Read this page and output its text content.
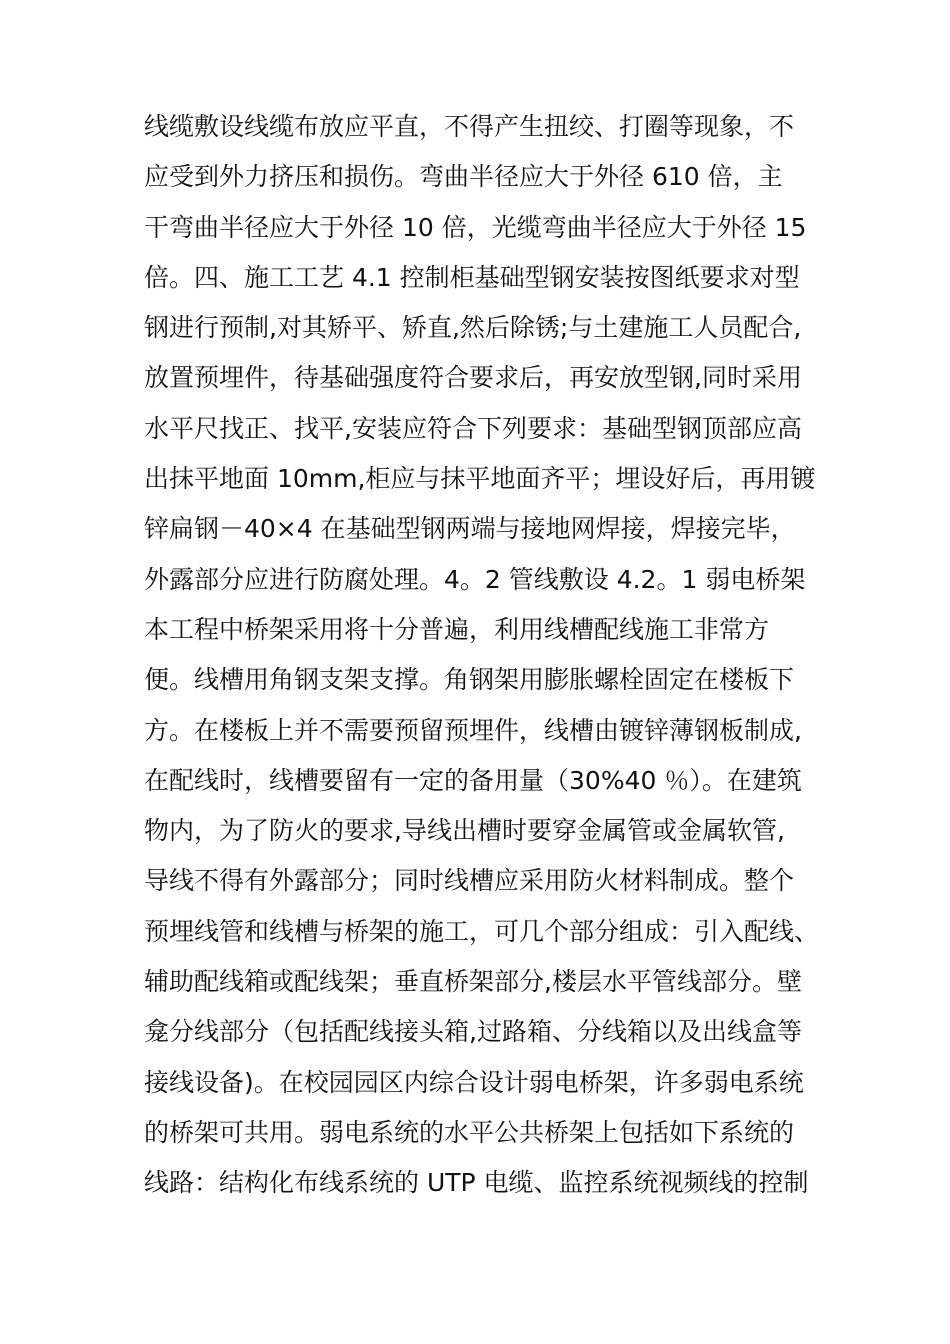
线缆敷设线缆布放应平直，不得产生扭绞、打圈等现象，不
应受到外力挤压和损伤。弯曲半径应大于外径 610 倍，主
干弯曲半径应大于外径 10 倍，光缆弯曲半径应大于外径 15
倍。四、施工工艺 4.1 控制柜基础型钢安装按图纸要求对型
钢进行预制,对其矫平、矫直,然后除锈;与土建施工人员配合,
放置预埋件，待基础强度符合要求后，再安放型钢,同时采用
水平尺找正、找平,安装应符合下列要求：基础型钢顶部应高
出抹平地面 10mm,柜应与抹平地面齐平；埋设好后，再用镀
锌扁钢－40×4 在基础型钢两端与接地网焊接，焊接完毕，
外露部分应进行防腐处理。4。2 管线敷设 4.2。1 弱电桥架
本工程中桥架采用将十分普遍，利用线槽配线施工非常方
便。线槽用角钢支架支撑。角钢架用膨胀螺栓固定在楼板下
方。在楼板上并不需要预留预埋件，线槽由镀锌薄钢板制成,
在配线时，线槽要留有一定的备用量（30%40 ％）。在建筑
物内，为了防火的要求,导线出槽时要穿金属管或金属软管,
导线不得有外露部分；同时线槽应采用防火材料制成。整个
预埋线管和线槽与桥架的施工，可几个部分组成：引入配线、
辅助配线箱或配线架；垂直桥架部分,楼层水平管线部分。壁
龛分线部分（包括配线接头箱,过路箱、分线箱以及出线盒等
接线设备)。在校园园区内综合设计弱电桥架，许多弱电系统
的桥架可共用。弱电系统的水平公共桥架上包括如下系统的
线路：结构化布线系统的 UTP 电缆、监控系统视频线的控制
